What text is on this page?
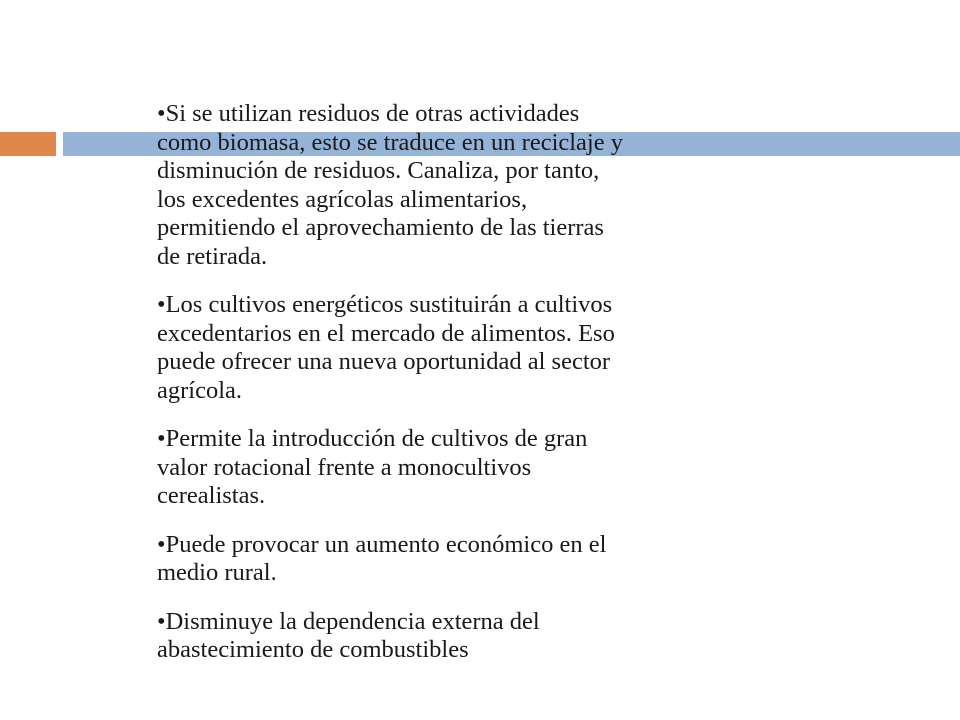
•Si se utilizan residuos de otras actividades como biomasa, esto se traduce en un reciclaje y disminución de residuos. Canaliza, por tanto, los excedentes agrícolas alimentarios, permitiendo el aprovechamiento de las tierras de retirada.

•Los cultivos energéticos sustituirán a cultivos excedentarios en el mercado de alimentos. Eso puede ofrecer una nueva oportunidad al sector agrícola.

•Permite la introducción de cultivos de gran valor rotacional frente a monocultivos cerealistas.

•Puede provocar un aumento económico en el medio rural.

•Disminuye la dependencia externa del abastecimiento de combustibles
